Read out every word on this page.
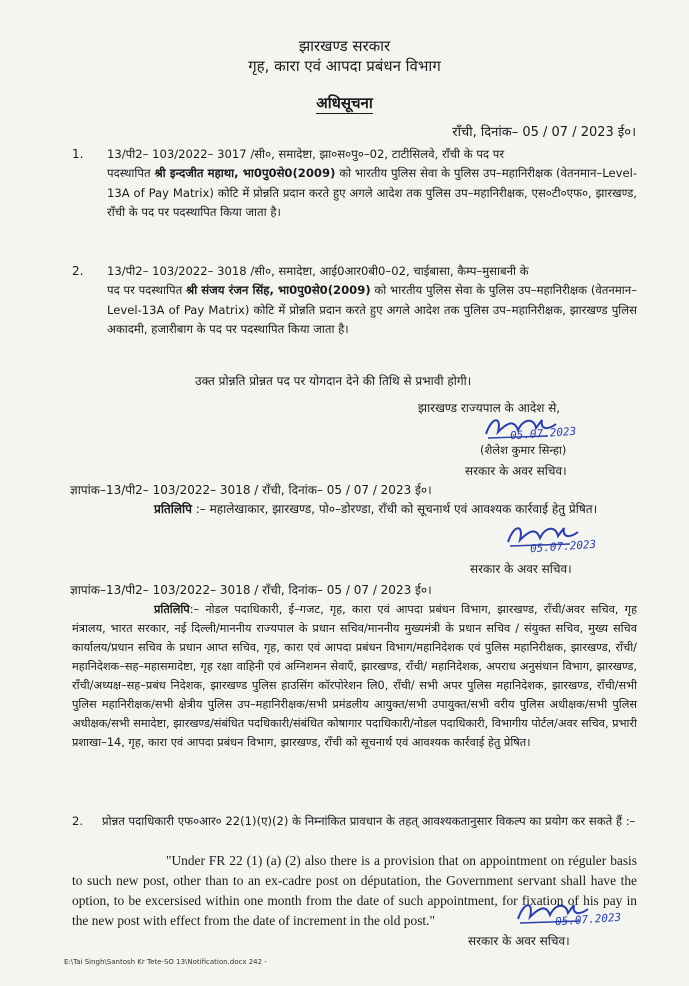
झारखण्ड सरकार

गृह, कारा एवं आपदा प्रबंधन विभाग

अधिसूचना

राँची, दिनांक– 05 / 07 / 2023 ई०।

1. 13/पी2– 103/2022– 3017 /सी०, समादेष्टा, झा०स०पु०–02, टाटीसिलवे, राँची के पद पर
पदस्थापित श्री इन्दजीत महाथा, भा0पु0से0(2009) को भारतीय पुलिस सेवा के पुलिस उप–महानिरीक्षक (वेतनमान–Level-13A of Pay Matrix) कोटि में प्रोन्नति प्रदान करते हुए अगले आदेश तक पुलिस उप–महानिरीक्षक, एस०टी०एफ०, झारखण्ड, राँची के पद पर पदस्थापित किया जाता है।
2. 13/पी2– 103/2022– 3018 /सी०, समादेष्टा, आई0आर0बी0–02, चाईबासा, कैम्प–मुसाबनी के
पद पर पदस्थापित श्री संजय रंजन सिंह, भा0पु0से0(2009) को भारतीय पुलिस सेवा के पुलिस उप–महानिरीक्षक (वेतनमान–Level-13A of Pay Matrix) कोटि में प्रोन्नति प्रदान करते हुए अगले आदेश तक पुलिस उप–महानिरीक्षक, झारखण्ड पुलिस अकादमी, हजारीबाग के पद पर पदस्थापित किया जाता है।

उक्त प्रोन्नति प्रोन्नत पद पर योगदान देने की तिथि से प्रभावी होगी।

झारखण्ड राज्यपाल के आदेश से,

05.07.2023

(शैलेश कुमार सिन्हा)

सरकार के अवर सचिव।

ज्ञापांक–13/पी2– 103/2022– 3018 / राँची, दिनांक– 05 / 07 / 2023 ई०।
प्रतिलिपि :– महालेखाकार, झारखण्ड, पो०–डोरण्डा, राँची को सूचनार्थ एवं आवश्यक कार्रवाई हेतु प्रेषित।
05.07.2023

सरकार के अवर सचिव।

ज्ञापांक–13/पी2– 103/2022– 3018 / राँची, दिनांक– 05 / 07 / 2023 ई०।
प्रतिलिपि:– नोडल पदाधिकारी, ई–गजट, गृह, कारा एवं आपदा प्रबंधन विभाग, झारखण्ड, राँची/अवर सचिव, गृह मंत्रालय, भारत सरकार, नई दिल्ली/माननीय राज्यपाल के प्रधान सचिव/माननीय मुख्यमंत्री के प्रधान सचिव / संयुक्त सचिव, मुख्य सचिव कार्यालय/प्रधान सचिव के प्रधान आप्त सचिव, गृह, कारा एवं आपदा प्रबंधन विभाग/महानिदेशक एवं पुलिस महानिरीक्षक, झारखण्ड, राँची/महानिदेशक–सह–महासमादेष्टा, गृह रक्षा वाहिनी एवं अग्निशमन सेवाएँ, झारखण्ड, राँची/ महानिदेशक, अपराध अनुसंधान विभाग, झारखण्ड, राँची/अध्यक्ष–सह–प्रबंध निदेशक, झारखण्ड पुलिस हाउसिंग कॉरपोरेशन लि0, राँची/ सभी अपर पुलिस महानिदेशक, झारखण्ड, राँची/सभी पुलिस महानिरीक्षक/सभी क्षेत्रीय पुलिस उप–महानिरीक्षक/सभी प्रमंडलीय आयुक्त/सभी उपायुक्त/सभी वरीय पुलिस अधीक्षक/सभी पुलिस अधीक्षक/सभी समादेष्टा, झारखण्ड/संबंधित पदधिकारी/संबंधित कोषागार पदाधिकारी/नोडल पदाधिकारी, विभागीय पोर्टल/अवर सचिव, प्रभारी प्रशाखा–14, गृह, कारा एवं आपदा प्रबंधन विभाग, झारखण्ड, राँची को सूचनार्थ एवं आवश्यक कार्रवाई हेतु प्रेषित।
2. प्रोन्नत पदाधिकारी एफ०आर० 22(1)(ए)(2) के निम्नांकित प्रावधान के तहत् आवश्यकतानुसार विकल्प का प्रयोग कर सकते हैं :–
"Under FR 22 (1) (a) (2) also there is a provision that on appointment on réguler basis to such new post, other than to an ex-cadre post on députation, the Government servant shall have the option, to be excersised within one month from the date of such appointment, for fixation of his pay in the new post with effect from the date of increment in the old post."	05.07.2023

सरकार के अवर सचिव।

E:\Tai Singh\Santosh Kr Tete-SO 13\Notification.docx 242 -
